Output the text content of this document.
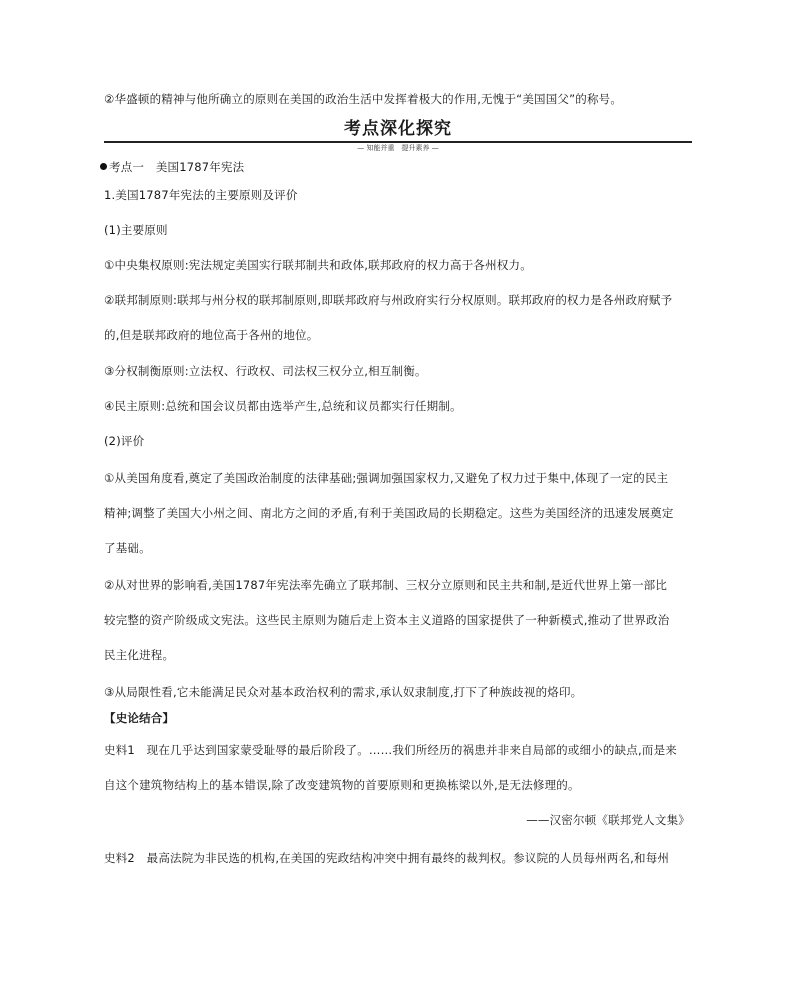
②华盛顿的精神与他所确立的原则在美国的政治生活中发挥着极大的作用,无愧于“美国国父”的称号。
考点深化探究
— 知能并重　提升素养 —
考点一　 美国1787年宪法
1.美国1787年宪法的主要原则及评价
(1)主要原则
①中央集权原则:宪法规定美国实行联邦制共和政体,联邦政府的权力高于各州权力。
②联邦制原则:联邦与州分权的联邦制原则,即联邦政府与州政府实行分权原则。联邦政府的权力是各州政府赋予
的,但是联邦政府的地位高于各州的地位。
③分权制衡原则:立法权、行政权、司法权三权分立,相互制衡。
④民主原则:总统和国会议员都由选举产生,总统和议员都实行任期制。
(2)评价
①从美国角度看,奠定了美国政治制度的法律基础;强调加强国家权力,又避免了权力过于集中,体现了一定的民主
精神;调整了美国大小州之间、南北方之间的矛盾,有利于美国政局的长期稳定。这些为美国经济的迅速发展奠定
了基础。
②从对世界的影响看,美国1787年宪法率先确立了联邦制、三权分立原则和民主共和制,是近代世界上第一部比
较完整的资产阶级成文宪法。这些民主原则为随后走上资本主义道路的国家提供了一种新模式,推动了世界政治
民主化进程。
③从局限性看,它未能满足民众对基本政治权利的需求,承认奴隶制度,打下了种族歧视的烙印。
【史论结合】
史料1　现在几乎达到国家蒙受耻辱的最后阶段了。……我们所经历的祸患并非来自局部的或细小的缺点,而是来
自这个建筑物结构上的基本错误,除了改变建筑物的首要原则和更换栋梁以外,是无法修理的。
——汉密尔顿《联邦党人文集》
史料2　最高法院为非民选的机构,在美国的宪政结构冲突中拥有最终的裁判权。参议院的人员每州两名,和每州
